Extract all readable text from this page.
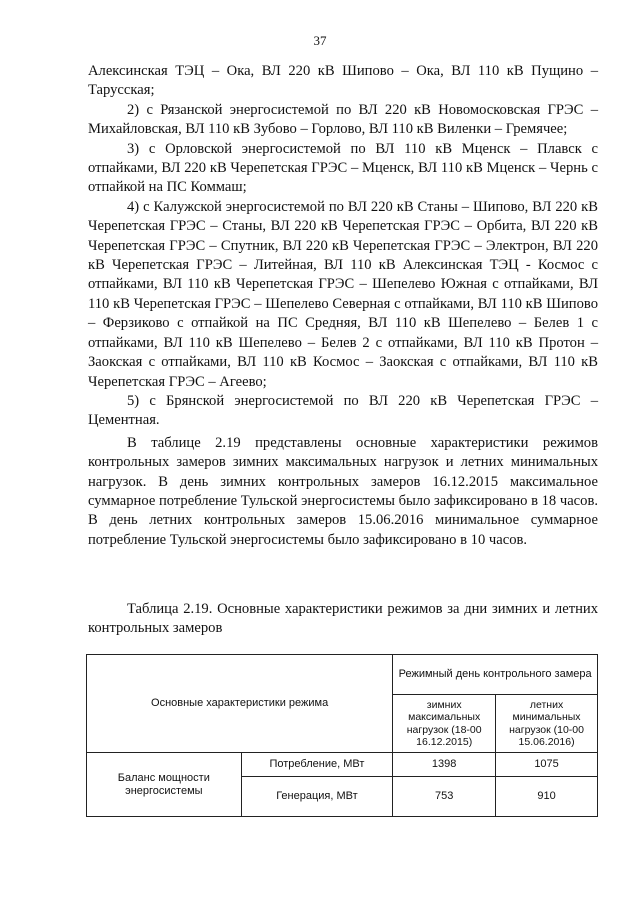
37

Алексинская ТЭЦ – Ока, ВЛ 220 кВ Шипово – Ока, ВЛ 110 кВ Пущино – Тарусская;

2) с Рязанской энергосистемой по ВЛ 220 кВ Новомосковская ГРЭС – Михайловская, ВЛ 110 кВ Зубово – Горлово, ВЛ 110 кВ Виленки – Гремячее;

3) с Орловской энергосистемой по ВЛ 110 кВ Мценск – Плавск с отпайками, ВЛ 220 кВ Черепетская ГРЭС – Мценск, ВЛ 110 кВ Мценск – Чернь с отпайкой на ПС Коммаш;

4) с Калужской энергосистемой по ВЛ 220 кВ Станы – Шипово, ВЛ 220 кВ Черепетская ГРЭС – Станы, ВЛ 220 кВ Черепетская ГРЭС – Орбита, ВЛ 220 кВ Черепетская ГРЭС – Спутник, ВЛ 220 кВ Черепетская ГРЭС – Электрон, ВЛ 220 кВ Черепетская ГРЭС – Литейная, ВЛ 110 кВ Алексинская ТЭЦ - Космос с отпайками, ВЛ 110 кВ Черепетская ГРЭС – Шепелево Южная с отпайками, ВЛ 110 кВ Черепетская ГРЭС – Шепелево Северная с отпайками, ВЛ 110 кВ Шипово – Ферзиково с отпайкой на ПС Средняя, ВЛ 110 кВ Шепелево – Белев 1 с отпайками, ВЛ 110 кВ Шепелево – Белев 2 с отпайками, ВЛ 110 кВ Протон – Заокская с отпайками, ВЛ 110 кВ Космос – Заокская с отпайками, ВЛ 110 кВ Черепетская ГРЭС – Агеево;

5) с Брянской энергосистемой по ВЛ 220 кВ Черепетская ГРЭС – Цементная.

В таблице 2.19 представлены основные характеристики режимов контрольных замеров зимних максимальных нагрузок и летних минимальных нагрузок. В день зимних контрольных замеров 16.12.2015 максимальное суммарное потребление Тульской энергосистемы было зафиксировано в 18 часов. В день летних контрольных замеров 15.06.2016 минимальное суммарное потребление Тульской энергосистемы было зафиксировано в 10 часов.

Таблица 2.19. Основные характеристики режимов за дни зимних и летних контрольных замеров

Основные характеристики режима		Режимный день контрольного замера	
		зимних максимальных нагрузок (18-00 16.12.2015)	летних минимальных нагрузок (10-00 15.06.2016)
Баланс мощности энергосистемы	Потребление, МВт	1398	1075
	Генерация, МВт	753	910
